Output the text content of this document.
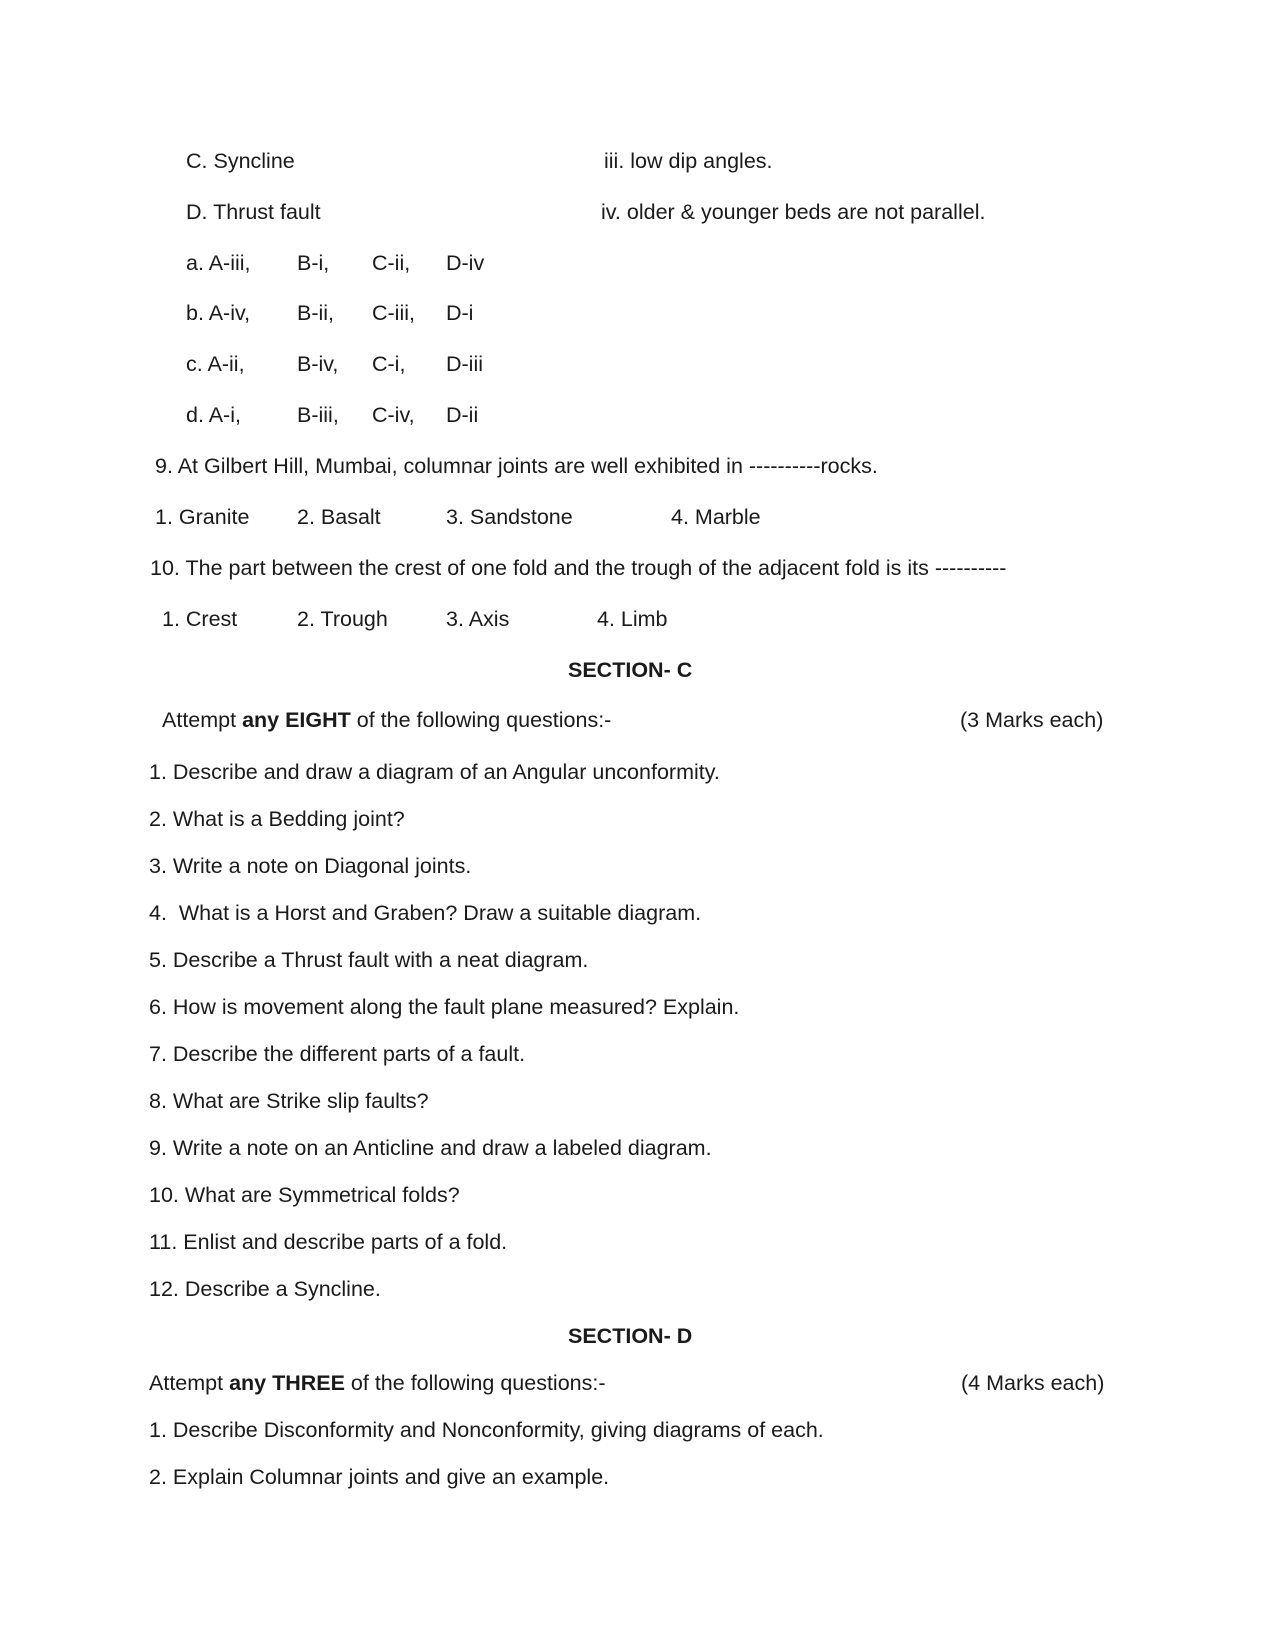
C. Syncline	iii. low dip angles.
D. Thrust fault	iv. older & younger beds are not parallel.
a. A-iii, B-i, C-ii, D-iv
b. A-iv, B-ii, C-iii, D-i
c. A-ii, B-iv, C-i, D-iii
d. A-i,	B-iii, C-iv, D-ii
9. At Gilbert Hill, Mumbai, columnar joints are well exhibited in ----------rocks.
1. Granite 2. Basalt	3. Sandstone	4. Marble
10. The part between the crest of one fold and the trough of the adjacent fold is its ----------
1. Crest	2. Trough	3. Axis	4. Limb
SECTION- C
Attempt any EIGHT of the following questions:-	(3 Marks each)
1. Describe and draw a diagram of an Angular unconformity.
2. What is a Bedding joint?
3. Write a note on Diagonal joints.
4.  What is a Horst and Graben? Draw a suitable diagram.
5. Describe a Thrust fault with a neat diagram.
6. How is movement along the fault plane measured? Explain.
7. Describe the different parts of a fault.
8. What are Strike slip faults?
9. Write a note on an Anticline and draw a labeled diagram.
10. What are Symmetrical folds?
11. Enlist and describe parts of a fold.
12. Describe a Syncline.
SECTION- D
Attempt any THREE of the following questions:-	(4 Marks each)
1. Describe Disconformity and Nonconformity, giving diagrams of each.
2. Explain Columnar joints and give an example.
